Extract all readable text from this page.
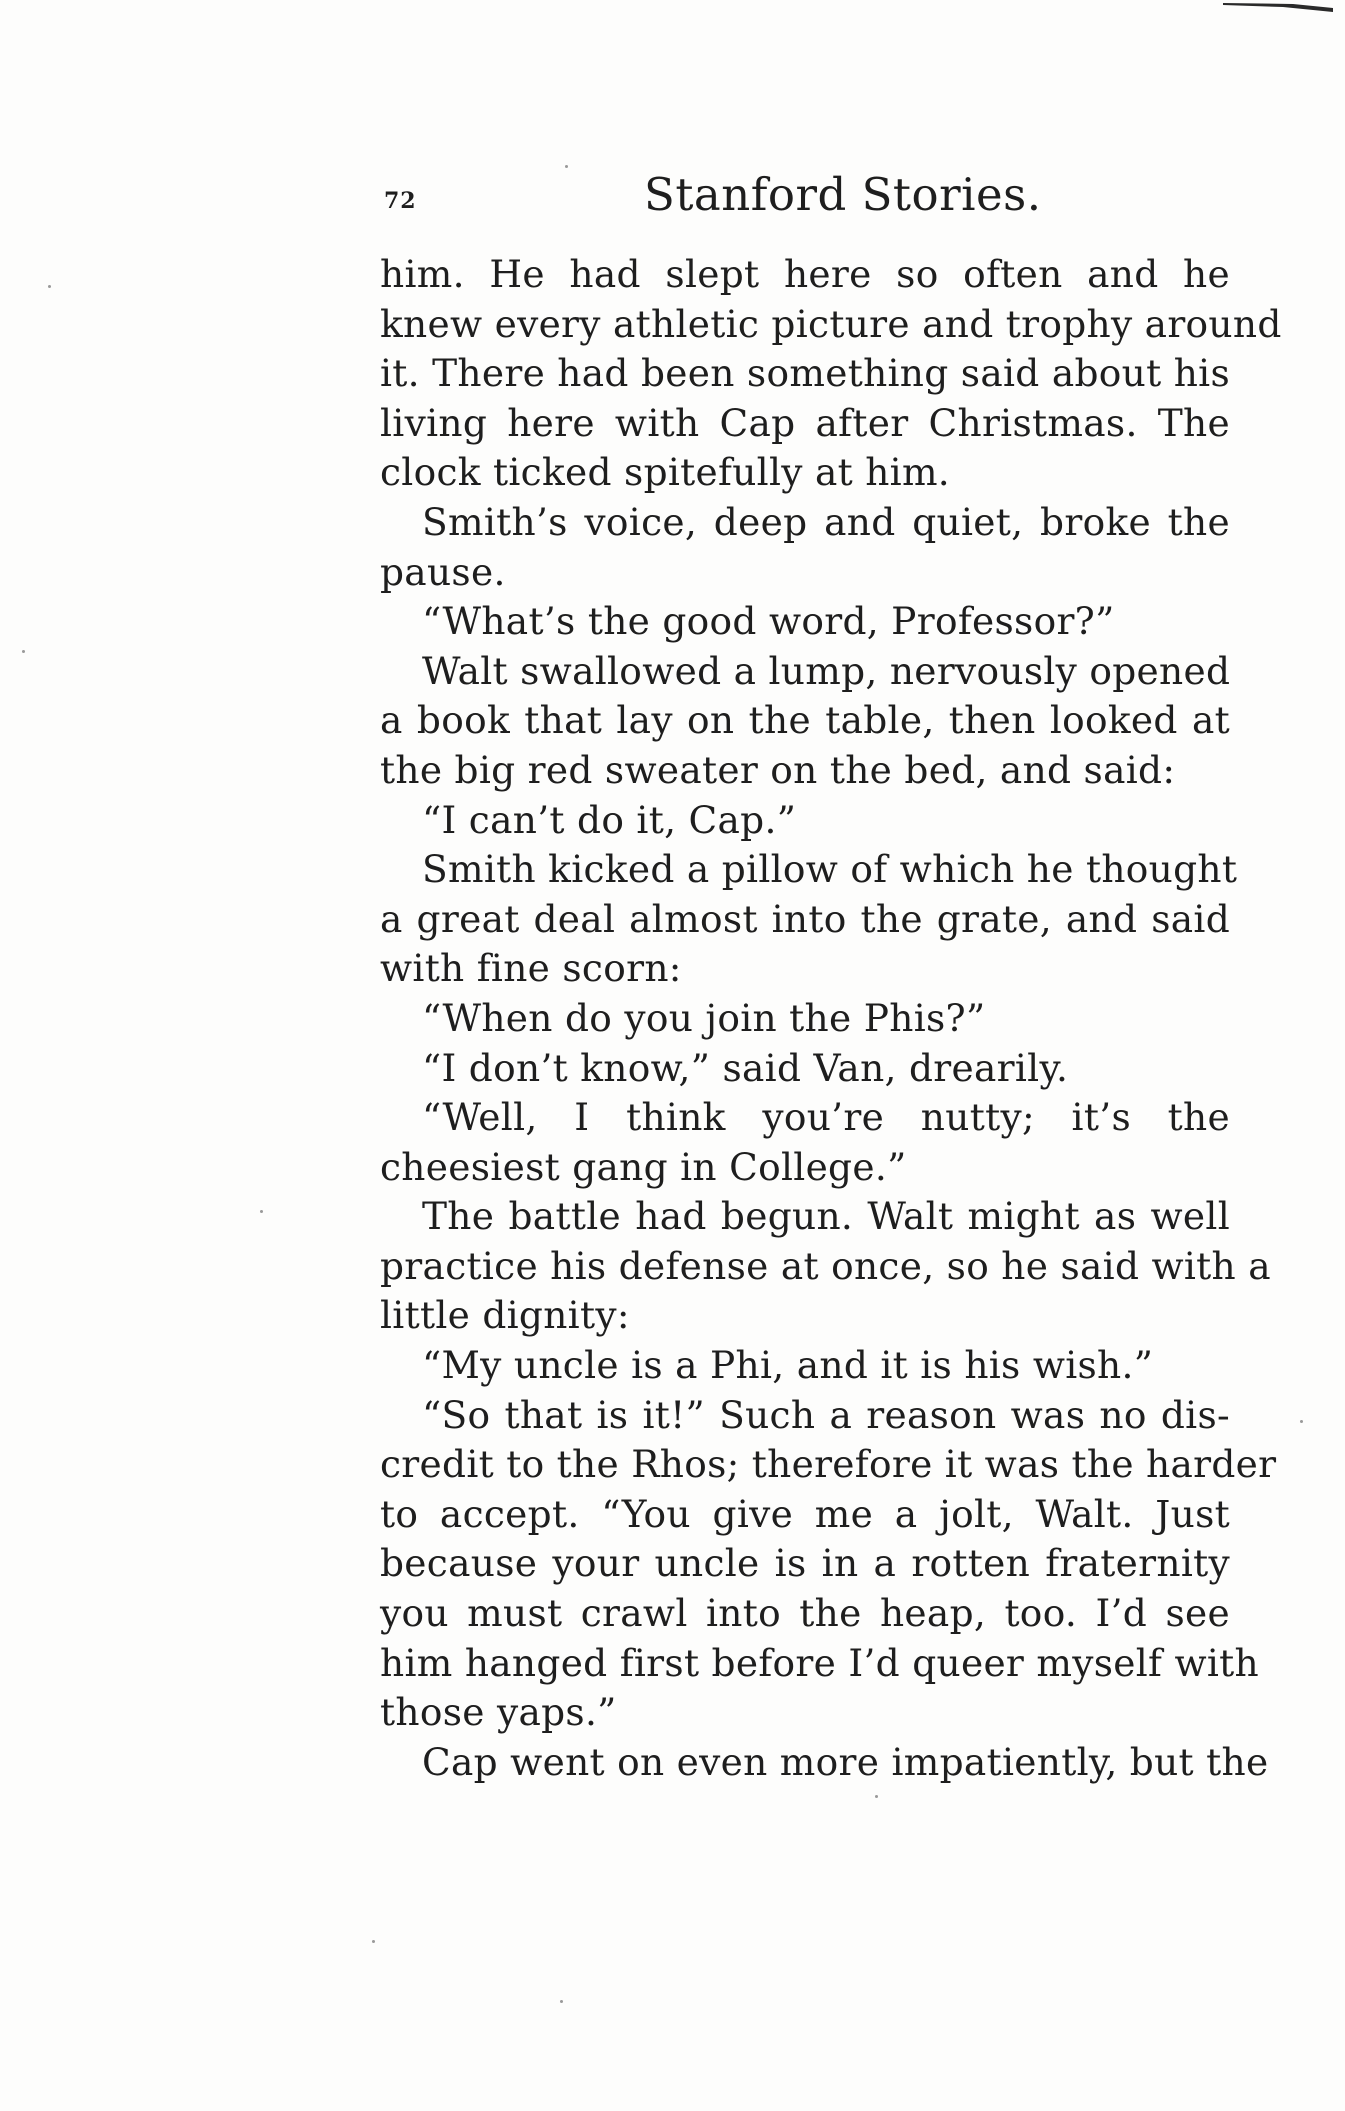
72	Stanford Stories.
him. He had slept here so often and he
knew every athletic picture and trophy around
it. There had been something said about his
living here with Cap after Christmas. The
clock ticked spitefully at him.
Smith’s voice, deep and quiet, broke the
pause.
“What’s the good word, Professor?”
Walt swallowed a lump, nervously opened
a book that lay on the table, then looked at
the big red sweater on the bed, and said:
“I can’t do it, Cap.”
Smith kicked a pillow of which he thought
a great deal almost into the grate, and said
with fine scorn:
“When do you join the Phis?”
“I don’t know,” said Van, drearily.
“Well, I think you’re nutty; it’s the
cheesiest gang in College.”
The battle had begun. Walt might as well
practice his defense at once, so he said with a
little dignity:
“My uncle is a Phi, and it is his wish.”
“So that is it!” Such a reason was no dis-
credit to the Rhos; therefore it was the harder
to accept. “You give me a jolt, Walt. Just
because your uncle is in a rotten fraternity
you must crawl into the heap, too. I’d see
him hanged first before I’d queer myself with
those yaps.”
Cap went on even more impatiently, but the
